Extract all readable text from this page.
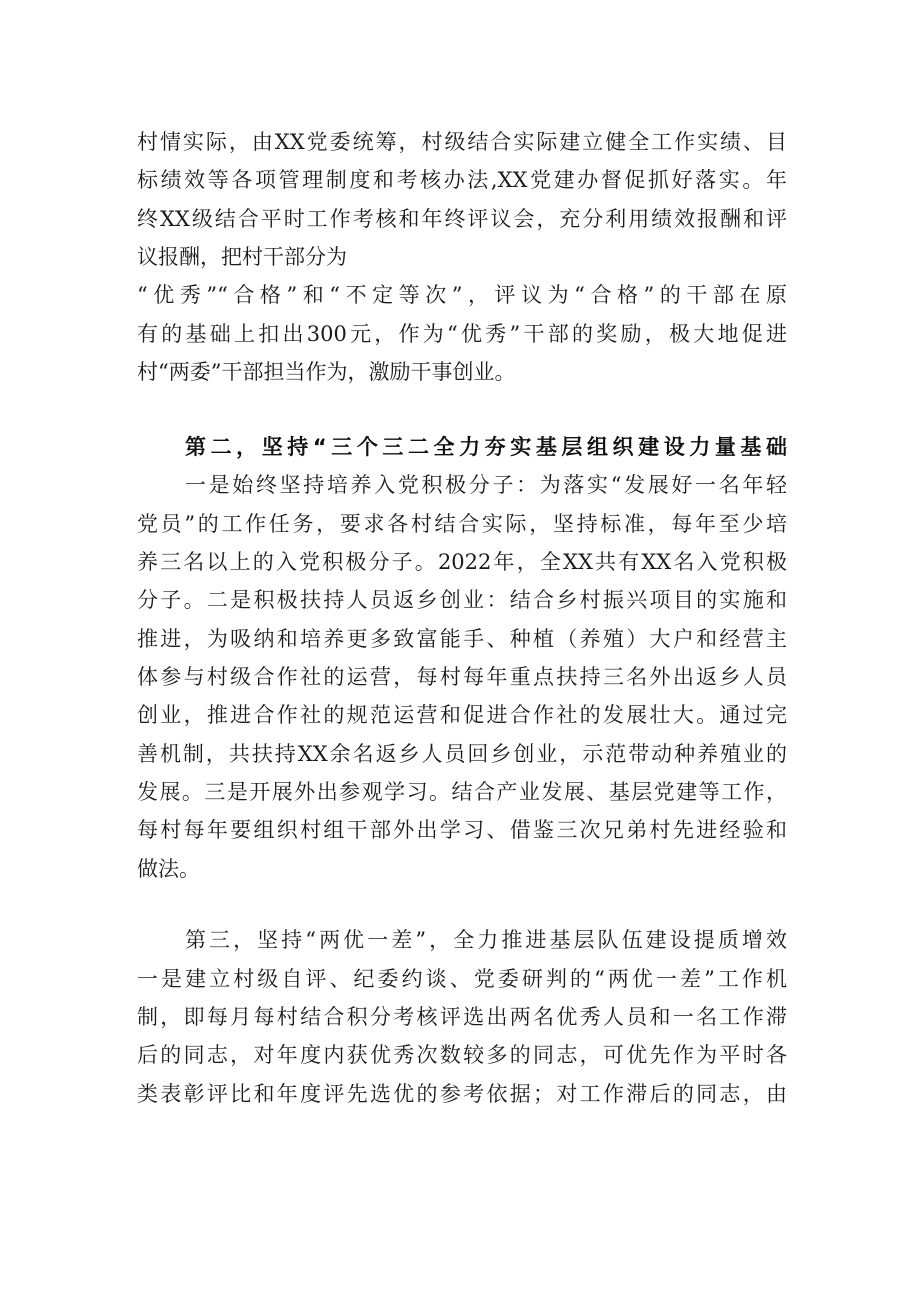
村情实际，由XX党委统筹，村级结合实际建立健全工作实绩、目
标绩效等各项管理制度和考核办法,XX党建办督促抓好落实。年
终XX级结合平时工作考核和年终评议会，充分利用绩效报酬和评
议报酬，把村干部分为
“优秀”“合格”和“不定等次”，评议为“合格”的干部在原
有的基础上扣出300元，作为“优秀”干部的奖励，极大地促进
村“两委”干部担当作为，激励干事创业。
第二，坚持“三个三二全力夯实基层组织建设力量基础
一是始终坚持培养入党积极分子：为落实“发展好一名年轻
党员”的工作任务，要求各村结合实际，坚持标准，每年至少培
养三名以上的入党积极分子。2022年，全XX共有XX名入党积极
分子。二是积极扶持人员返乡创业：结合乡村振兴项目的实施和
推进，为吸纳和培养更多致富能手、种植（养殖）大户和经营主
体参与村级合作社的运营，每村每年重点扶持三名外出返乡人员
创业，推进合作社的规范运营和促进合作社的发展壮大。通过完
善机制，共扶持XX余名返乡人员回乡创业，示范带动种养殖业的
发展。三是开展外出参观学习。结合产业发展、基层党建等工作，
每村每年要组织村组干部外出学习、借鉴三次兄弟村先进经验和
做法。
第三，坚持“两优一差”，全力推进基层队伍建设提质增效
一是建立村级自评、纪委约谈、党委研判的“两优一差”工作机
制，即每月每村结合积分考核评选出两名优秀人员和一名工作滞
后的同志，对年度内获优秀次数较多的同志，可优先作为平时各
类表彰评比和年度评先选优的参考依据；对工作滞后的同志，由
